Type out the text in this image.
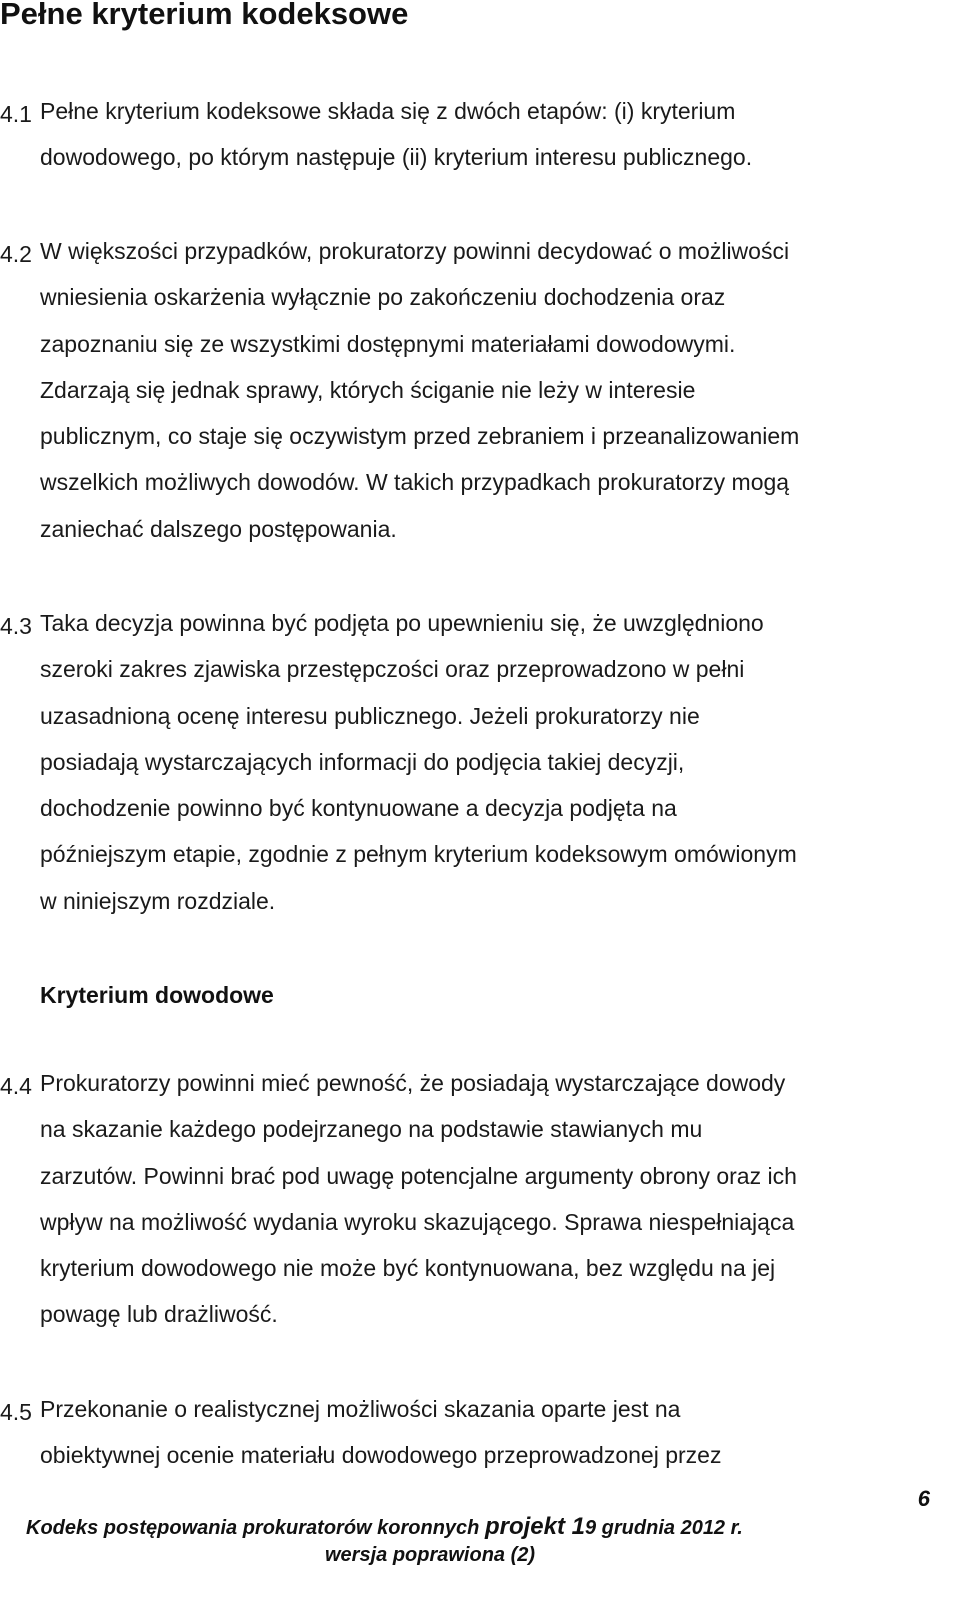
Pełne kryterium kodeksowe
4.1 Pełne kryterium kodeksowe składa się z dwóch etapów: (i) kryterium
dowodowego, po którym następuje (ii) kryterium interesu publicznego.
4.2 W większości przypadków, prokuratorzy powinni decydować o możliwości
wniesienia oskarżenia wyłącznie po zakończeniu dochodzenia oraz
zapoznaniu się ze wszystkimi dostępnymi materiałami dowodowymi.
Zdarzają się jednak sprawy, których ściganie nie leży w interesie
publicznym, co staje się oczywistym przed zebraniem i przeanalizowaniem
wszelkich możliwych dowodów. W takich przypadkach prokuratorzy mogą
zaniechać dalszego postępowania.
4.3 Taka decyzja powinna być podjęta po upewnieniu się, że uwzględniono
szeroki zakres zjawiska przestępczości oraz przeprowadzono w pełni
uzasadnioną ocenę interesu publicznego. Jeżeli prokuratorzy nie
posiadają wystarczających informacji do podjęcia takiej decyzji,
dochodzenie powinno być kontynuowane a decyzja podjęta na
późniejszym etapie, zgodnie z pełnym kryterium kodeksowym omówionym
w niniejszym rozdziale.
Kryterium dowodowe
4.4 Prokuratorzy powinni mieć pewność, że posiadają wystarczające dowody
na skazanie każdego podejrzanego na podstawie stawianych mu
zarzutów. Powinni brać pod uwagę potencjalne argumenty obrony oraz ich
wpływ na możliwość wydania wyroku skazującego. Sprawa niespełniająca
kryterium dowodowego nie może być kontynuowana, bez względu na jej
powagę lub drażliwość.
4.5 Przekonanie o realistycznej możliwości skazania oparte jest na
obiektywnej ocenie materiału dowodowego przeprowadzonej przez
6
Kodeks postępowania prokuratorów koronnych projekt 19 grudnia 2012 r.
wersja poprawiona (2)
